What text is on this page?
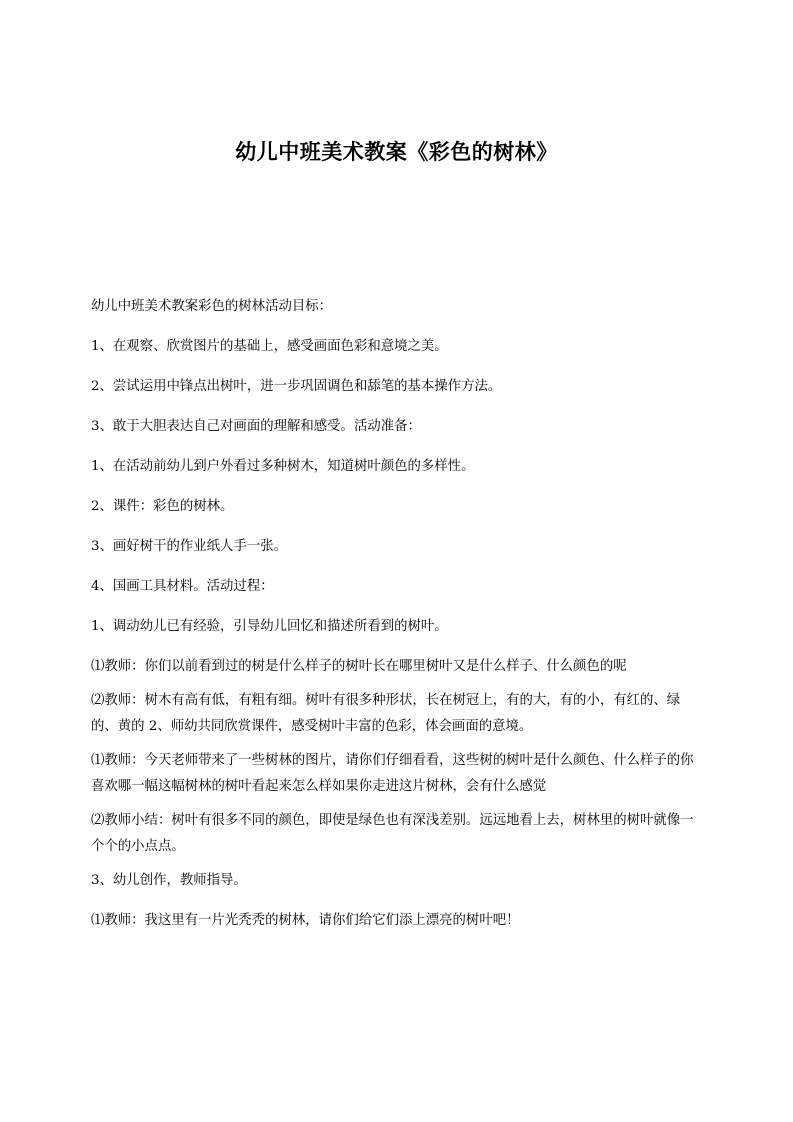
幼儿中班美术教案《彩色的树林》

幼儿中班美术教案彩色的树林活动目标：

1、在观察、欣赏图片的基础上，感受画面色彩和意境之美。

2、尝试运用中锋点出树叶，进一步巩固调色和舔笔的基本操作方法。

3、敢于大胆表达自己对画面的理解和感受。活动准备：

1、在活动前幼儿到户外看过多种树木，知道树叶颜色的多样性。

2、课件：彩色的树林。

3、画好树干的作业纸人手一张。

4、国画工具材料。活动过程：

1、调动幼儿已有经验，引导幼儿回忆和描述所看到的树叶。

⑴教师：你们以前看到过的树是什么样子的树叶长在哪里树叶又是什么样子、什么颜色的呢

⑵教师：树木有高有低，有粗有细。树叶有很多种形状，长在树冠上，有的大，有的小，有红的、绿的、黄的 2、师幼共同欣赏课件，感受树叶丰富的色彩，体会画面的意境。

⑴教师：今天老师带来了一些树林的图片，请你们仔细看看，这些树的树叶是什么颜色、什么样子的你喜欢哪一幅这幅树林的树叶看起来怎么样如果你走进这片树林，会有什么感觉

⑵教师小结：树叶有很多不同的颜色，即使是绿色也有深浅差别。远远地看上去，树林里的树叶就像一个个的小点点。

3、幼儿创作，教师指导。

⑴教师：我这里有一片光秃秃的树林，请你们给它们添上漂亮的树叶吧！
